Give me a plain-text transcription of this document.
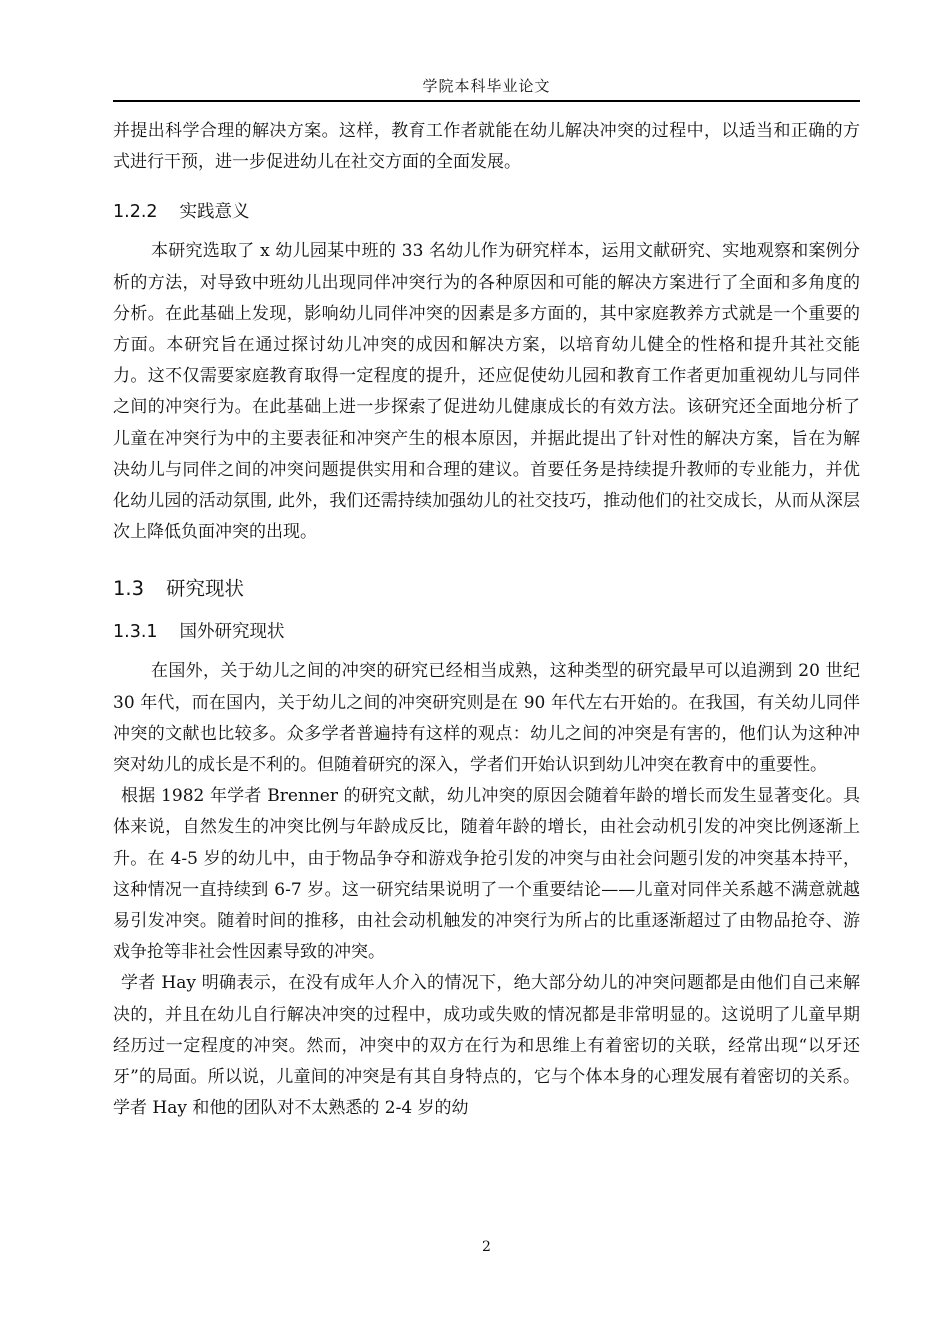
学院本科毕业论文

并提出科学合理的解决方案。这样，教育工作者就能在幼儿解决冲突的过程中，以适当和正确的方式进行干预，进一步促进幼儿在社交方面的全面发展。

1.2.2 实践意义

本研究选取了 x 幼儿园某中班的 33 名幼儿作为研究样本，运用文献研究、实地观察和案例分析的方法，对导致中班幼儿出现同伴冲突行为的各种原因和可能的解决方案进行了全面和多角度的分析。在此基础上发现，影响幼儿同伴冲突的因素是多方面的，其中家庭教养方式就是一个重要的方面。本研究旨在通过探讨幼儿冲突的成因和解决方案，以培育幼儿健全的性格和提升其社交能力。这不仅需要家庭教育取得一定程度的提升，还应促使幼儿园和教育工作者更加重视幼儿与同伴之间的冲突行为。在此基础上进一步探索了促进幼儿健康成长的有效方法。该研究还全面地分析了儿童在冲突行为中的主要表征和冲突产生的根本原因，并据此提出了针对性的解决方案，旨在为解决幼儿与同伴之间的冲突问题提供实用和合理的建议。首要任务是持续提升教师的专业能力，并优化幼儿园的活动氛围, 此外，我们还需持续加强幼儿的社交技巧，推动他们的社交成长，从而从深层次上降低负面冲突的出现。

1.3 研究现状
1.3.1 国外研究现状

在国外，关于幼儿之间的冲突的研究已经相当成熟，这种类型的研究最早可以追溯到 20 世纪 30 年代，而在国内，关于幼儿之间的冲突研究则是在 90 年代左右开始的。在我国，有关幼儿同伴冲突的文献也比较多。众多学者普遍持有这样的观点：幼儿之间的冲突是有害的，他们认为这种冲突对幼儿的成长是不利的。但随着研究的深入，学者们开始认识到幼儿冲突在教育中的重要性。

根据 1982 年学者 Brenner 的研究文献，幼儿冲突的原因会随着年龄的增长而发生显著变化。具体来说，自然发生的冲突比例与年龄成反比，随着年龄的增长，由社会动机引发的冲突比例逐渐上升。在 4-5 岁的幼儿中，由于物品争夺和游戏争抢引发的冲突与由社会问题引发的冲突基本持平，这种情况一直持续到 6-7 岁。这一研究结果说明了一个重要结论——儿童对同伴关系越不满意就越易引发冲突。随着时间的推移，由社会动机触发的冲突行为所占的比重逐渐超过了由物品抢夺、游戏争抢等非社会性因素导致的冲突。

学者 Hay 明确表示，在没有成年人介入的情况下，绝大部分幼儿的冲突问题都是由他们自己来解决的，并且在幼儿自行解决冲突的过程中，成功或失败的情况都是非常明显的。这说明了儿童早期经历过一定程度的冲突。然而，冲突中的双方在行为和思维上有着密切的关联，经常出现“以牙还牙”的局面。所以说，儿童间的冲突是有其自身特点的，它与个体本身的心理发展有着密切的关系。学者 Hay 和他的团队对不太熟悉的 2-4 岁的幼

2
